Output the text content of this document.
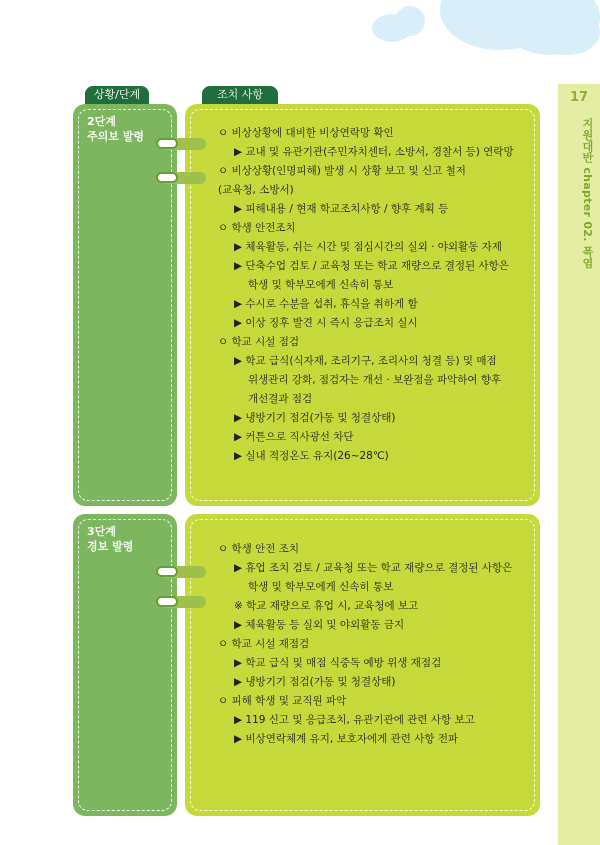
17
지원대반 chapter 02. 폭염
상황/단계	조치 사항
2단계
주의보 발령	ㅇ 비상상황에 대비한 비상연락망 확인
▶ 교내 및 유관기관(주민자치센터, 소방서, 경찰서 등) 연락망
ㅇ 비상상황(인명피해) 발생 시 상황 보고 및 신고 철저
(교육청, 소방서)
▶ 피해내용 / 현재 학교조치사항 / 향후 계획 등
ㅇ 학생 안전조치
▶ 체육활동, 쉬는 시간 및 점심시간의 실외 · 야외활동 자제
▶ 단축수업 검토 / 교육청 또는 학교 재량으로 결정된 사항은
학생 및 학부모에게 신속히 통보
▶ 수시로 수분을 섭취, 휴식을 취하게 함
▶ 이상 징후 발견 시 즉시 응급조치 실시
ㅇ 학교 시설 점검
▶ 학교 급식(식자재, 조리기구, 조리사의 청결 등) 및 매점
위생관리 강화, 점검자는 개선 · 보완점을 파악하여 향후
개선결과 점검
▶ 냉방기기 점검(가동 및 청결상태)
▶ 커튼으로 직사광선 차단
▶ 실내 적정온도 유지(26~28℃)
3단계
경보 발령	ㅇ 학생 안전 조치
▶ 휴업 조치 검토 / 교육청 또는 학교 재량으로 결정된 사항은
학생 및 학부모에게 신속히 통보
※ 학교 재량으로 휴업 시, 교육청에 보고
▶ 체육활동 등 실외 및 야외활동 금지
ㅇ 학교 시설 재점검
▶ 학교 급식 및 매점 식중독 예방 위생 재점검
▶ 냉방기기 점검(가동 및 청결상태)
ㅇ 피해 학생 및 교직원 파악
▶ 119 신고 및 응급조치, 유관기관에 관련 사항 보고
▶ 비상연락체계 유지, 보호자에게 관련 사항 전파
